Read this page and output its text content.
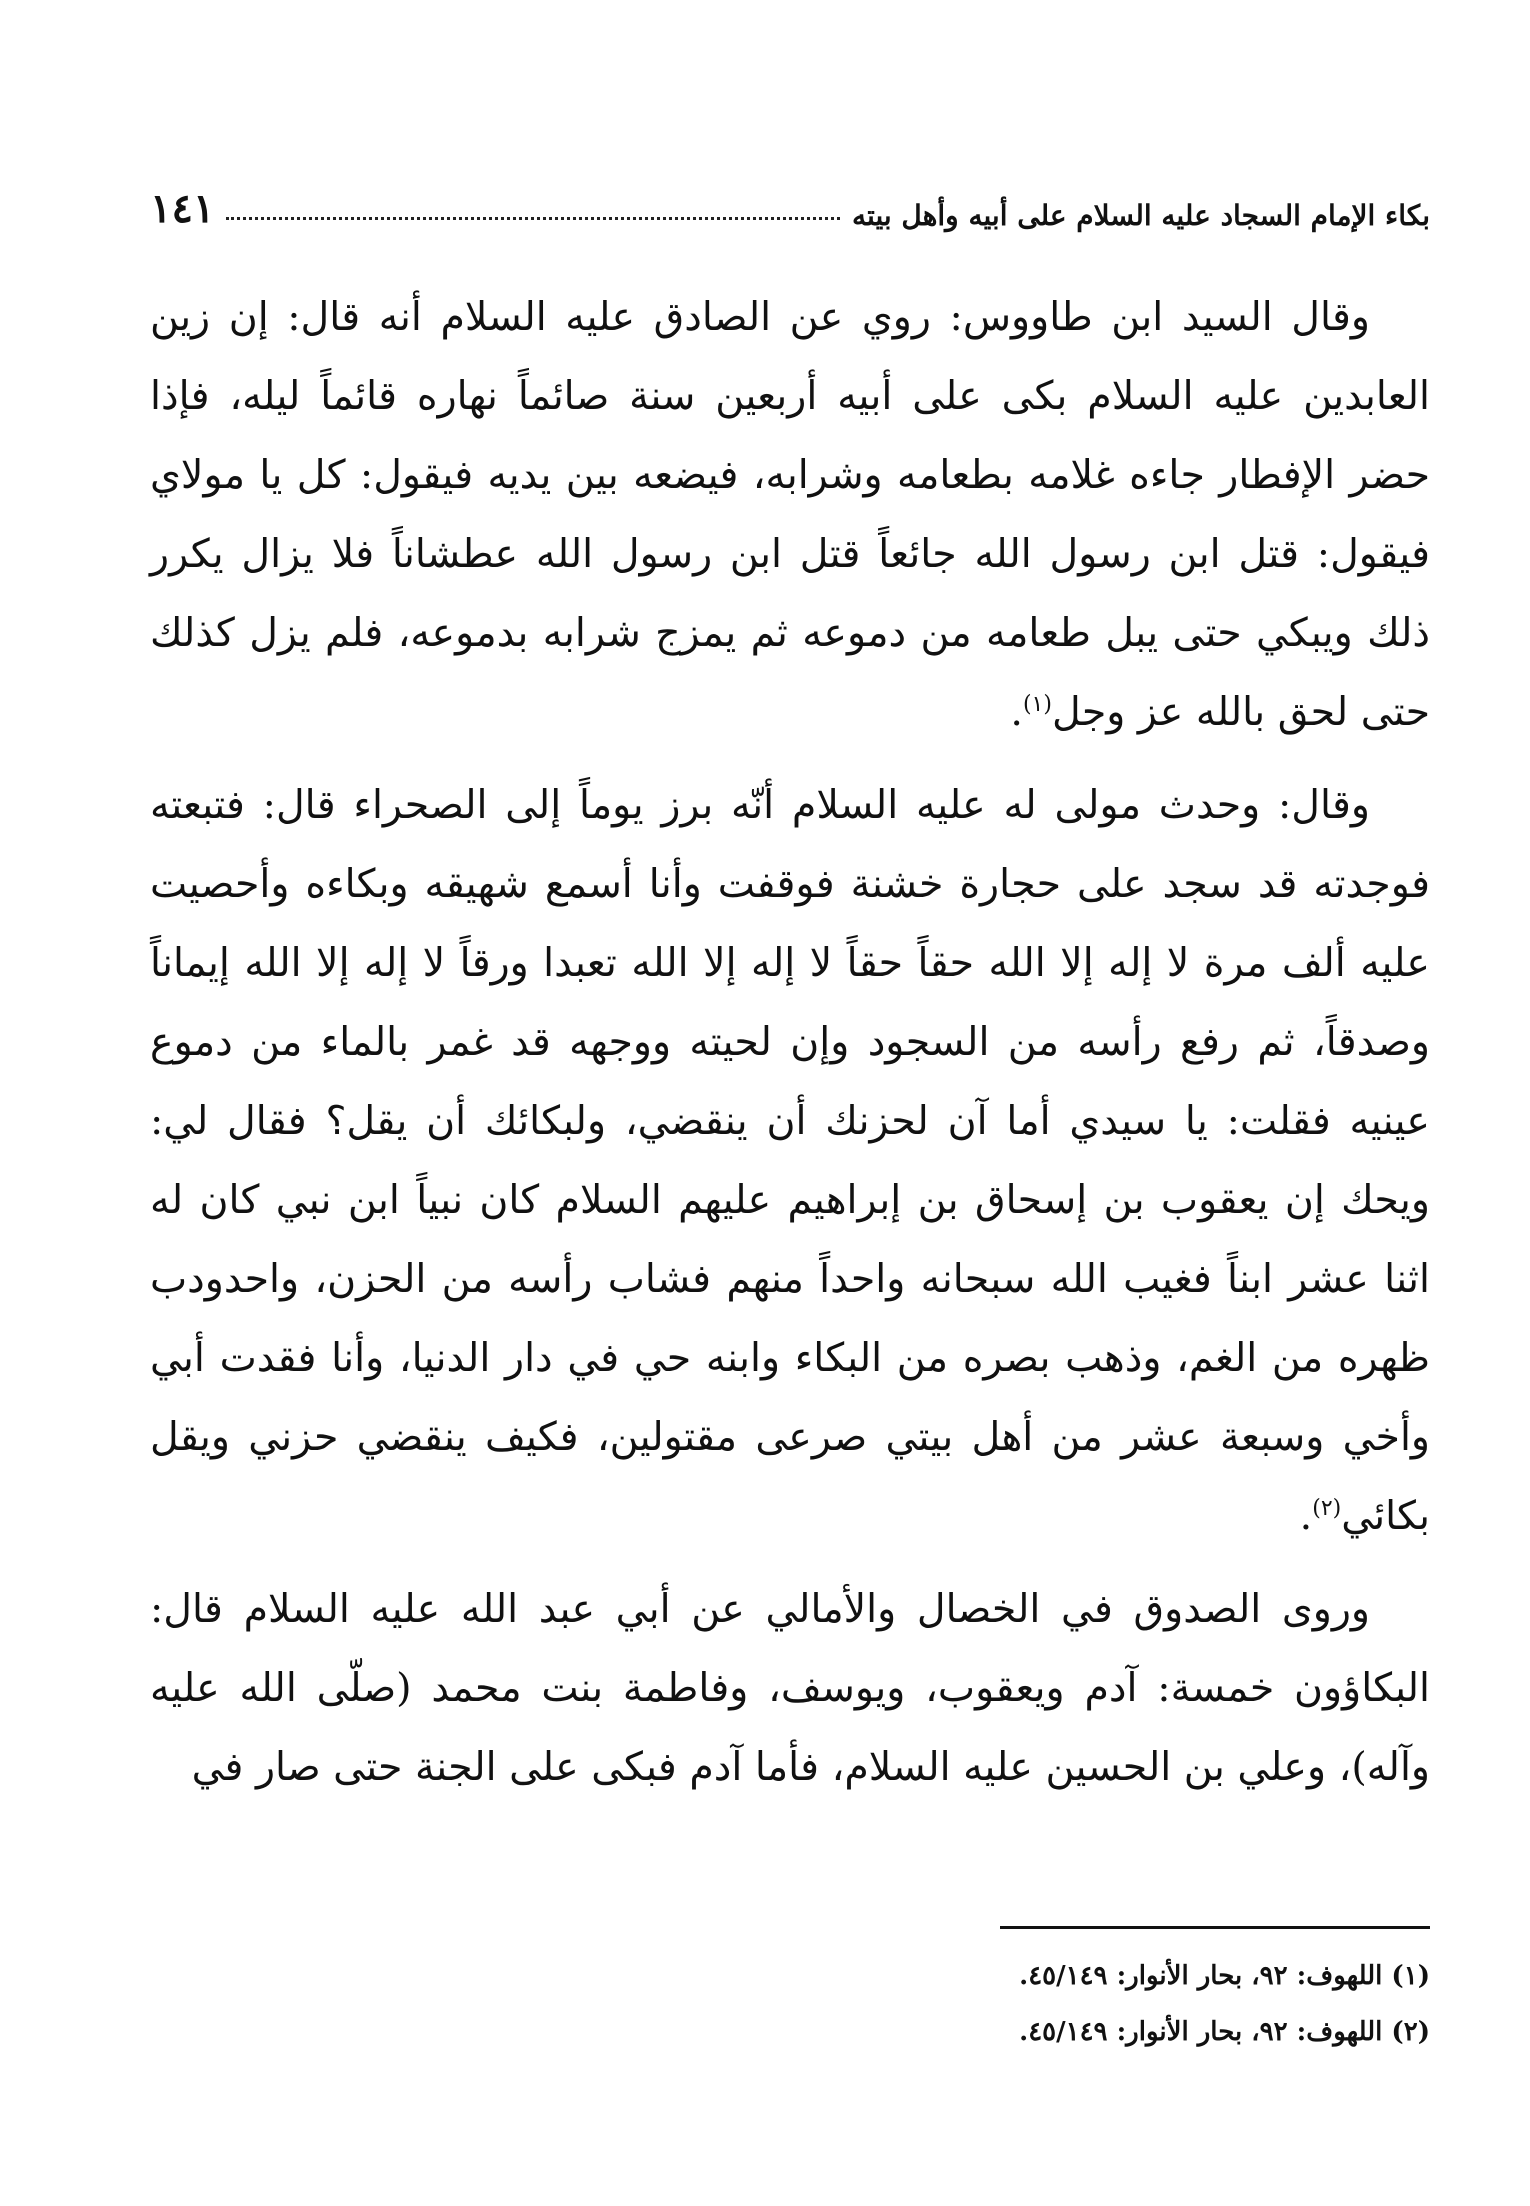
بكاء الإمام السجاد عليه السلام على أبيه وأهل بيته
١٤١

وقال السيد ابن طاووس: روي عن الصادق عليه السلام أنه قال: إن زين العابدين عليه السلام بكى على أبيه أربعين سنة صائماً نهاره قائماً ليله، فإذا حضر الإفطار جاءه غلامه بطعامه وشرابه، فيضعه بين يديه فيقول: كل يا مولاي فيقول: قتل ابن رسول الله جائعاً قتل ابن رسول الله عطشاناً فلا يزال يكرر ذلك ويبكي حتى يبل طعامه من دموعه ثم يمزج شرابه بدموعه، فلم يزل كذلك حتى لحق بالله عز وجل$^{(١)}$.

وقال: وحدث مولى له عليه السلام أنّه برز يوماً إلى الصحراء قال: فتبعته فوجدته قد سجد على حجارة خشنة فوقفت وأنا أسمع شهيقه وبكاءه وأحصيت عليه ألف مرة لا إله إلا الله حقاً حقاً لا إله إلا الله تعبدا ورقاً لا إله إلا الله إيماناً وصدقاً، ثم رفع رأسه من السجود وإن لحيته ووجهه قد غمر بالماء من دموع عينيه فقلت: يا سيدي أما آن لحزنك أن ينقضي، ولبكائك أن يقل؟ فقال لي: ويحك إن يعقوب بن إسحاق بن إبراهيم عليهم السلام كان نبياً ابن نبي كان له اثنا عشر ابناً فغيب الله سبحانه واحداً منهم فشاب رأسه من الحزن، واحدودب ظهره من الغم، وذهب بصره من البكاء وابنه حي في دار الدنيا، وأنا فقدت أبي وأخي وسبعة عشر من أهل بيتي صرعى مقتولين، فكيف ينقضي حزني ويقل بكائي$^{(٢)}$.

وروى الصدوق في الخصال والأمالي عن أبي عبد الله عليه السلام قال: البكاؤون خمسة: آدم ويعقوب، ويوسف، وفاطمة بنت محمد (صلّى الله عليه وآله)، وعلي بن الحسين عليه السلام، فأما آدم فبكى على الجنة حتى صار في

(١) اللهوف: ٩٢، بحار الأنوار: ٤٥/١٤٩.

(٢) اللهوف: ٩٢، بحار الأنوار: ٤٥/١٤٩.
